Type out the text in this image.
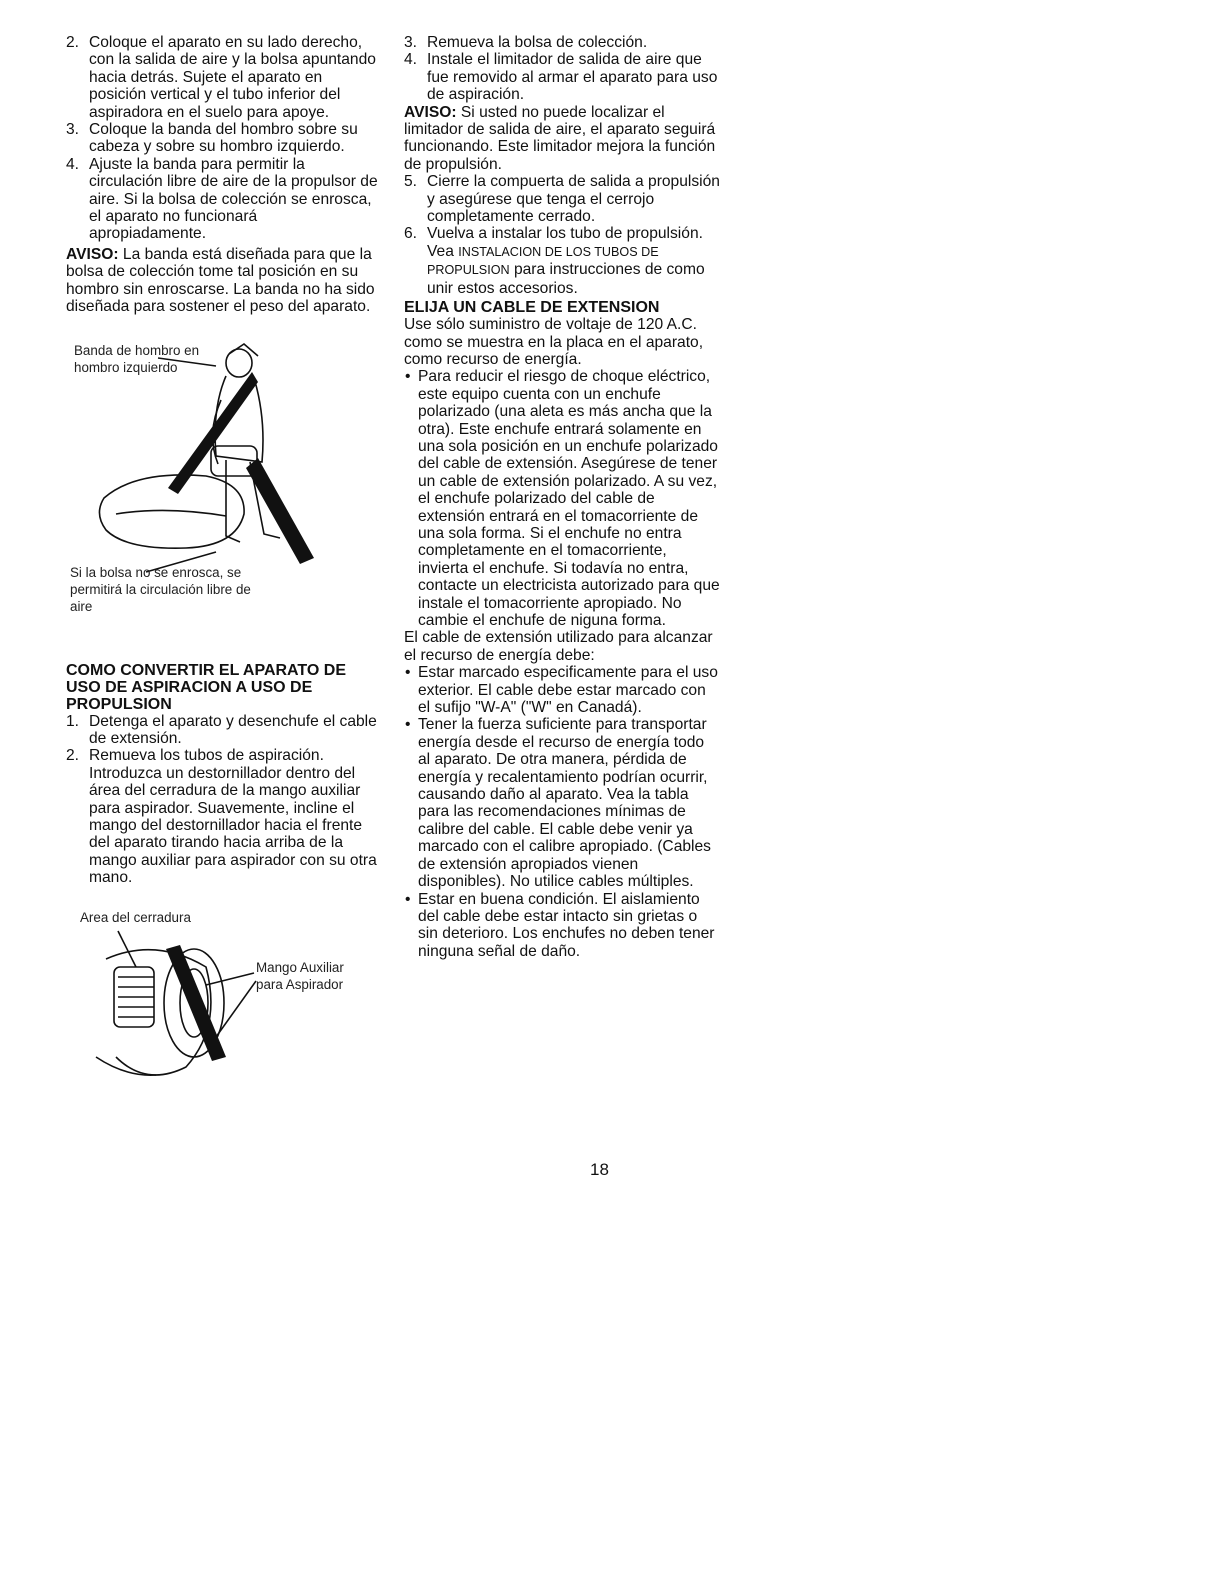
2. Coloque el aparato en su lado derecho, con la salida de aire y la bolsa apuntando hacia detrás. Sujete el aparato en posición vertical y el tubo inferior del aspiradora en el suelo para apoye.
3. Coloque la banda del hombro sobre su cabeza y sobre su hombro izquierdo.
4. Ajuste la banda para permitir la circulación libre de aire de la propulsor de aire. Si la bolsa de colección se enrosca, el aparato no funcionará apropiadamente.

AVISO: La banda está diseñada para que la bolsa de colección tome tal posición en su hombro sin enroscarse. La banda no ha sido diseñada para sostener el peso del aparato.

Banda de hombro en hombro izquierdo
Si la bolsa no se enrosca, se permitirá la circulación libre de aire
COMO CONVERTIR EL APARATO DE USO DE ASPIRACION A USO DE PROPULSION
1. Detenga el aparato y desenchufe el cable de extensión.
2. Remueva los tubos de aspiración. Introduzca un destornillador dentro del área del cerradura de la mango auxiliar para aspirador. Suavemente, incline el mango del destornillador hacia el frente del aparato tirando hacia arriba de la mango auxiliar para aspirador con su otra mano.
Area del cerradura
Mango Auxiliar para Aspirador
3. Remueva la bolsa de colección.
4. Instale el limitador de salida de aire que fue removido al armar el aparato para uso de aspiración.

AVISO: Si usted no puede localizar el limitador de salida de aire, el aparato seguirá funcionando. Este limitador mejora la función de propulsión.

5. Cierre la compuerta de salida a propulsión y asegúrese que tenga el cerrojo completamente cerrado.
6. Vuelva a instalar los tubo de propulsión. Vea INSTALACION DE LOS TUBOS DE PROPULSION para instrucciones de como unir estos accesorios.
ELIJA UN CABLE DE EXTENSION

Use sólo suministro de voltaje de 120 A.C. como se muestra en la placa en el aparato, como recurso de energía.

• Para reducir el riesgo de choque eléctrico, este equipo cuenta con un enchufe polarizado (una aleta es más ancha que la otra). Este enchufe entrará solamente en una sola posición en un enchufe polarizado del cable de extensión. Asegúrese de tener un cable de extensión polarizado. A su vez, el enchufe polarizado del cable de extensión entrará en el tomacorriente de una sola forma. Si el enchufe no entra completamente en el tomacorriente, invierta el enchufe. Si todavía no entra, contacte un electricista autorizado para que instale el tomacorriente apropiado. No cambie el enchufe de niguna forma.

El cable de extensión utilizado para alcanzar el recurso de energía debe:

• Estar marcado especificamente para el uso exterior. El cable debe estar marcado con el sufijo "W-A" ("W" en Canadá).
• Tener la fuerza suficiente para transportar energía desde el recurso de energía todo al aparato. De otra manera, pérdida de energía y recalentamiento podrían ocurrir, causando daño al aparato. Vea la tabla para las recomendaciones mínimas de calibre del cable. El cable debe venir ya marcado con el calibre apropiado. (Cables de extensión apropiados vienen disponibles). No utilice cables múltiples.
• Estar en buena condición. El aislamiento del cable debe estar intacto sin grietas o sin deterioro. Los enchufes no deben tener ninguna señal de daño.
18
